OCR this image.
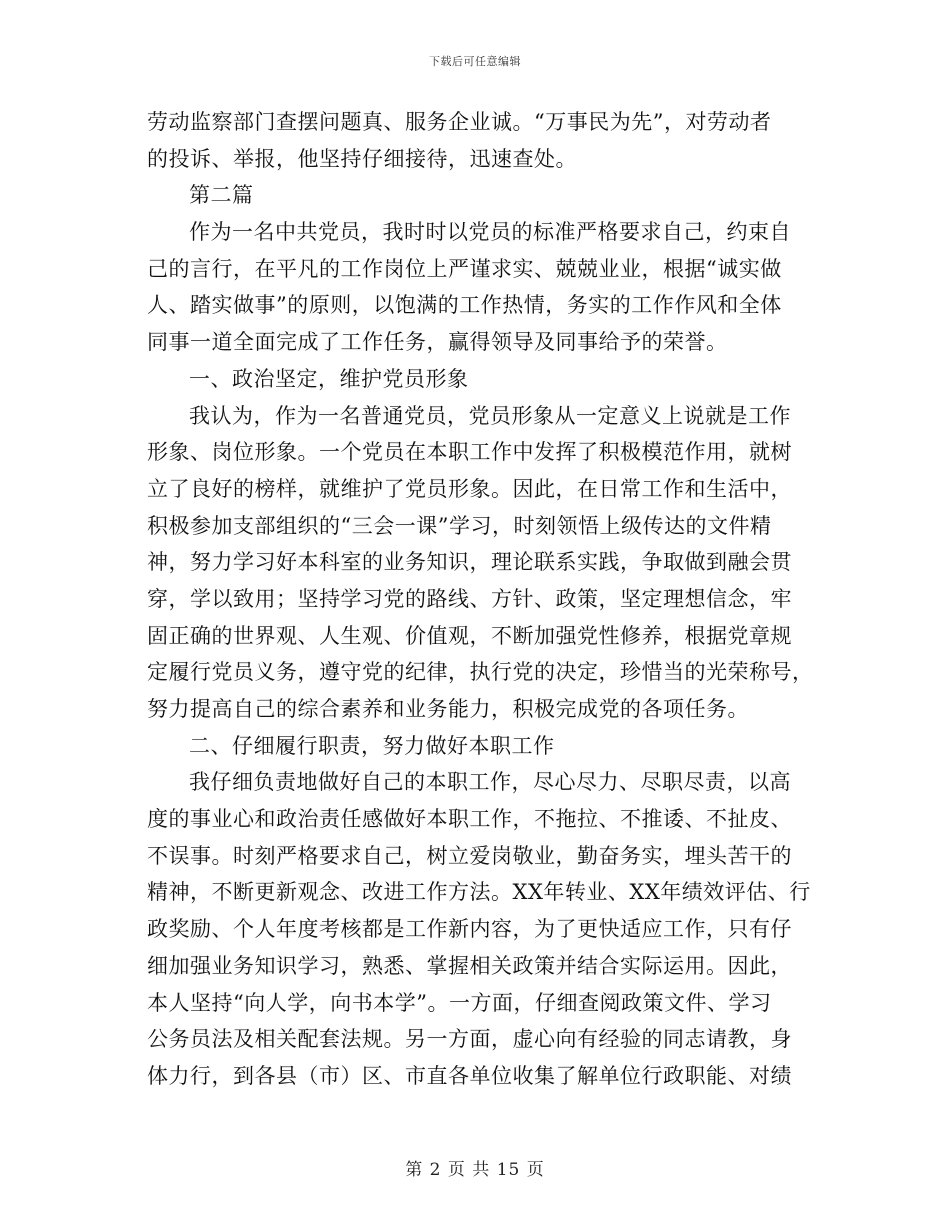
下载后可任意编辑
劳动监察部门查摆问题真、服务企业诚。“万事民为先”，对劳动者
的投诉、举报，他坚持仔细接待，迅速查处。
第二篇
作为一名中共党员，我时时以党员的标准严格要求自己，约束自
己的言行，在平凡的工作岗位上严谨求实、兢兢业业，根据“诚实做
人、踏实做事”的原则，以饱满的工作热情，务实的工作作风和全体
同事一道全面完成了工作任务，赢得领导及同事给予的荣誉。
一、政治坚定，维护党员形象
我认为，作为一名普通党员，党员形象从一定意义上说就是工作
形象、岗位形象。一个党员在本职工作中发挥了积极模范作用，就树
立了良好的榜样，就维护了党员形象。因此，在日常工作和生活中，
积极参加支部组织的“三会一课”学习，时刻领悟上级传达的文件精
神，努力学习好本科室的业务知识，理论联系实践，争取做到融会贯
穿，学以致用；坚持学习党的路线、方针、政策，坚定理想信念，牢
固正确的世界观、人生观、价值观，不断加强党性修养，根据党章规
定履行党员义务，遵守党的纪律，执行党的决定，珍惜当的光荣称号，
努力提高自己的综合素养和业务能力，积极完成党的各项任务。
二、仔细履行职责，努力做好本职工作
我仔细负责地做好自己的本职工作，尽心尽力、尽职尽责，以高
度的事业心和政治责任感做好本职工作，不拖拉、不推诿、不扯皮、
不误事。时刻严格要求自己，树立爱岗敬业，勤奋务实，埋头苦干的
精神，不断更新观念、改进工作方法。XX年转业、XX年绩效评估、行
政奖励、个人年度考核都是工作新内容，为了更快适应工作，只有仔
细加强业务知识学习，熟悉、掌握相关政策并结合实际运用。因此，
本人坚持“向人学，向书本学”。一方面，仔细查阅政策文件、学习
公务员法及相关配套法规。另一方面，虚心向有经验的同志请教，身
体力行，到各县（市）区、市直各单位收集了解单位行政职能、对绩
第 2 页 共 15 页
